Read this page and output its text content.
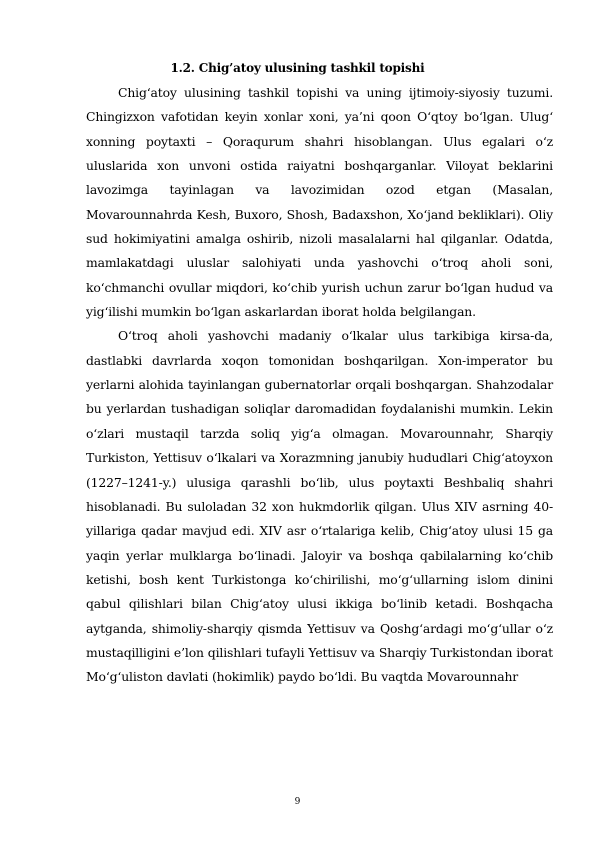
1.2. Chig’atoy ulusining tashkil topishi

Chig‘atoy ulusining tashkil topishi va uning ijtimoiy-siyosiy tuzumi. Chingizxon vafotidan keyin xonlar xoni, ya’ni qoon O‘qtoy bo‘lgan. Ulug‘ xonning poytaxti – Qoraqurum shahri hisoblangan. Ulus egalari o‘z uluslarida xon unvoni ostida raiyatni boshqarganlar. Viloyat beklarini lavozimga tayinlagan va lavozimidan ozod etgan (Masalan, Movarounnahrda Kesh, Buxoro, Shosh, Badaxshon, Xo‘jand bekliklari). Oliy sud hokimiyatini amalga oshirib, nizoli masalalarni hal qilganlar. Odatda, mamlakatdagi uluslar salohiyati unda yashovchi o‘troq aholi soni, ko‘chmanchi ovullar miqdori, ko‘chib yurish uchun zarur bo‘lgan hudud va yig‘ilishi mumkin bo‘lgan askarlardan iborat holda belgilangan.

O‘troq aholi yashovchi madaniy o‘lkalar ulus tarkibiga kirsa-da, dastlabki davrlarda xoqon tomonidan boshqarilgan. Xon-imperator bu yerlarni alohida tayinlangan gubernatorlar orqali boshqargan. Shahzodalar bu yerlardan tushadigan soliqlar daromadidan foydalanishi mumkin. Lekin o‘zlari mustaqil tarzda soliq yig‘a olmagan. Movarounnahr, Sharqiy Turkiston, Yettisuv o‘lkalari va Xorazmning janubiy hududlari Chig‘atoyxon (1227–1241-y.) ulusiga qarashli bo‘lib, ulus poytaxti Beshbaliq shahri hisoblanadi. Bu suloladan 32 xon hukmdorlik qilgan. Ulus XIV asrning 40-yillariga qadar mavjud edi. XIV asr o‘rtalariga kelib, Chig‘atoy ulusi 15 ga yaqin yerlar mulklarga bo‘linadi. Jaloyir va boshqa qabilalarning ko‘chib ketishi, bosh kent Turkistonga ko‘chirilishi, mo‘g‘ullarning islom dinini qabul qilishlari bilan Chig‘atoy ulusi ikkiga bo‘linib ketadi. Boshqacha aytganda, shimoliy-sharqiy qismda Yettisuv va Qoshg‘ardagi mo‘g‘ullar o‘z mustaqilligini e’lon qilishlari tufayli Yettisuv va Sharqiy Turkistondan iborat Mo‘g‘uliston davlati (hokimlik) paydo bo‘ldi. Bu vaqtda Movarounnahr

9
